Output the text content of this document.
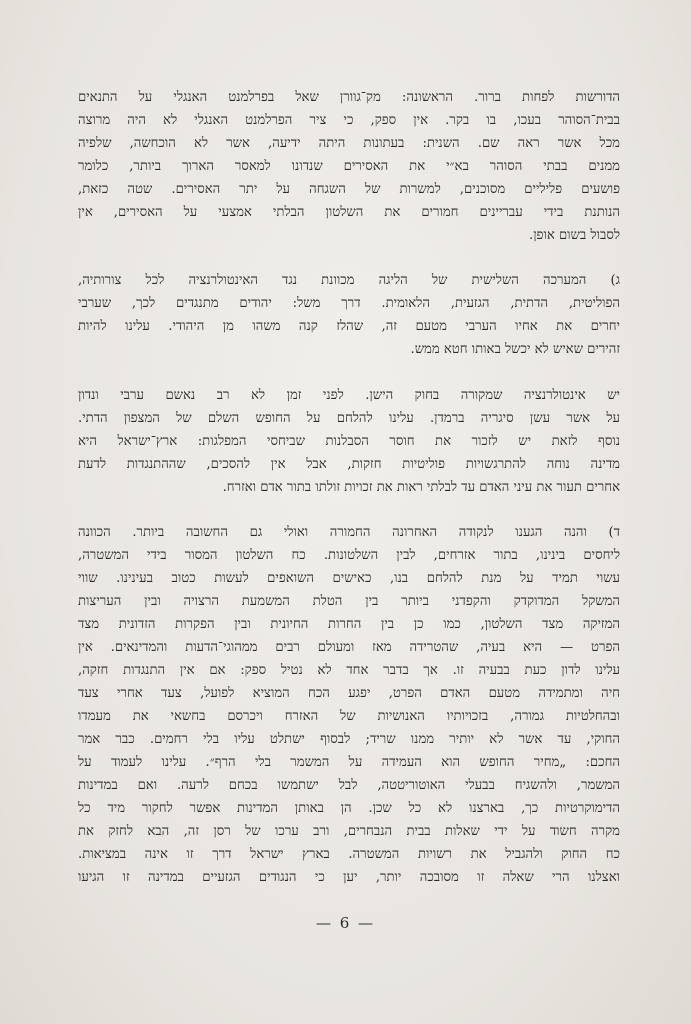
הדורשות לפחות ברור. הראשונה: מק־גוורן שאל בפרלמנט האנגלי על התנאים
בבית־הסוהר בעכו, בו בקר. אין ספק, כי ציר הפרלמנט האנגלי לא היה מרוצה
מכל אשר ראה שם. השנית: בעתונות היתה ידיעה, אשר לא הוכחשה, שלפיה
ממנים בבתי הסוהר בא״י את האסירים שנדונו למאסר הארוך ביותר, כלומר
פושעים פליליים מסוכנים, למשרות של השגחה על יתר האסירים. שטה כזאת,
הנותנת בידי עבריינים חמורים את השלטון הבלתי אמצעי על האסירים, אין
לסבול בשום אופן.

ג) המערכה השלישית של הליגה מכוונת נגד האינטולרנציה לכל צורותיה,
הפוליטית, הדתית, הגזעית, הלאומית. דרך משל: יהודים מתנגדים לכך, שערבי
יחרים את אחיו הערבי מטעם זה, שהלז קנה משהו מן היהודי. עלינו להיות
זהירים שאיש לא יכשל באותו חטא ממש.

יש אינטולרנציה שמקורה בחוק הישן. לפני זמן לא רב נאשם ערבי ונדון
על אשר עשן סיגריה ברמדן. עלינו להלחם על החופש השלם של המצפון הדתי.
נוסף לזאת יש לזכור את חוסר הסבלנות שביחסי המפלגות: ארץ־ישראל היא
מדינה נוחה להתרגשויות פוליטיות חזקות, אבל אין להסכים, שההתנגדות לדעת
אחרים תעור את עיני האדם עד לבלתי ראות את זכויות זולתו בתור אדם ואזרח.

ד) והנה הגענו לנקודה האחרונה החמורה ואולי גם החשובה ביותר. הכוונה
ליחסים בינינו, בתור אזרחים, לבין השלטונות. כח השלטון המסור בידי המשטרה,
עשוי תמיד על מנת להלחם בנו, כאישים השואפים לעשות כטוב בעינינו. שווי
המשקל המדוקדק והקפדני ביותר בין הטלת המשמעת הרצויה ובין העריצות
המזיקה מצד השלטון, כמו כן בין החרות החיונית ובין הפקרות הזדונית מצד
הפרט — היא בעיה, שהטרידה מאז ומעולם רבים ממהוגי־הדעות והמדינאים. אין
עלינו לדון כעת בבעיה זו. אך בדבר אחד לא נטיל ספק: אם אין התנגדות חזקה,
חיה ומתמידה מטעם האדם הפרט, יפגע הכח המוציא לפועל, צעד אחרי צעד
ובהחלטיות גמורה, בזכויותיו האנושיות של האזרח ויכרסם בחשאי את מעמדו
החוקי, עד אשר לא יותיר ממנו שריד; לבסוף ישתלט עליו בלי רחמים. כבר אמר
החכם: „מחיר החופש הוא העמידה על המשמר בלי הרף״. עלינו לעמוד על
המשמר, ולהשגיח בבעלי האוטוריטטה, לבל ישתמשו בכחם לרעה. ואם במדינות
הדימוקרטיות כך, בארצנו לא כל שכן. הן באותן המדינות אפשר לחקור מיד כל
מקרה חשוד על ידי שאלות בבית הנבחרים, ורב ערכו של רסן זה, הבא לחזק את
כח החוק ולהגביל את רשויות המשטרה. בארץ ישראל דרך זו אינה במציאות.
ואצלנו הרי שאלה זו מסובכה יותר, יען כי הנגודים הגזעיים במדינה זו הגיעו

— 6 —
